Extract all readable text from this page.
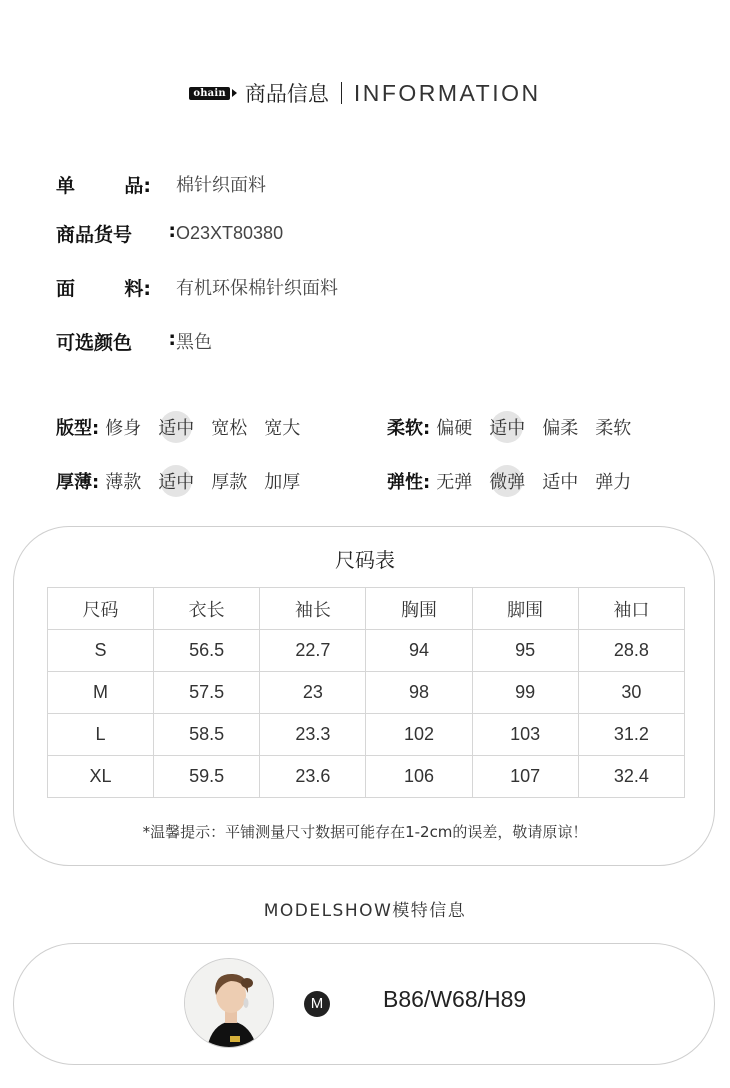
ohain 商品信息 INFORMATION
单	品: 棉针织面料
商品货号 : O23XT80380
面	料: 有机环保棉针织面料
可选颜色 : 黑色
版型: 修身 适中 宽松 宽大	柔软: 偏硬 适中 偏柔 柔软
厚薄: 薄款 适中 厚款 加厚	弹性: 无弹 微弹 适中 弹力
尺码表
尺码	衣长	袖长	胸围	脚围	袖口
S	56.5	22.7	94	95	28.8
M	57.5	23	98	99	30
L	58.5	23.3	102	103	31.2
XL	59.5	23.6	106	107	32.4
*温馨提示：平铺测量尺寸数据可能存在1-2cm的误差，敬请原谅！
MODELSHOW模特信息
M	B86/W68/H89
